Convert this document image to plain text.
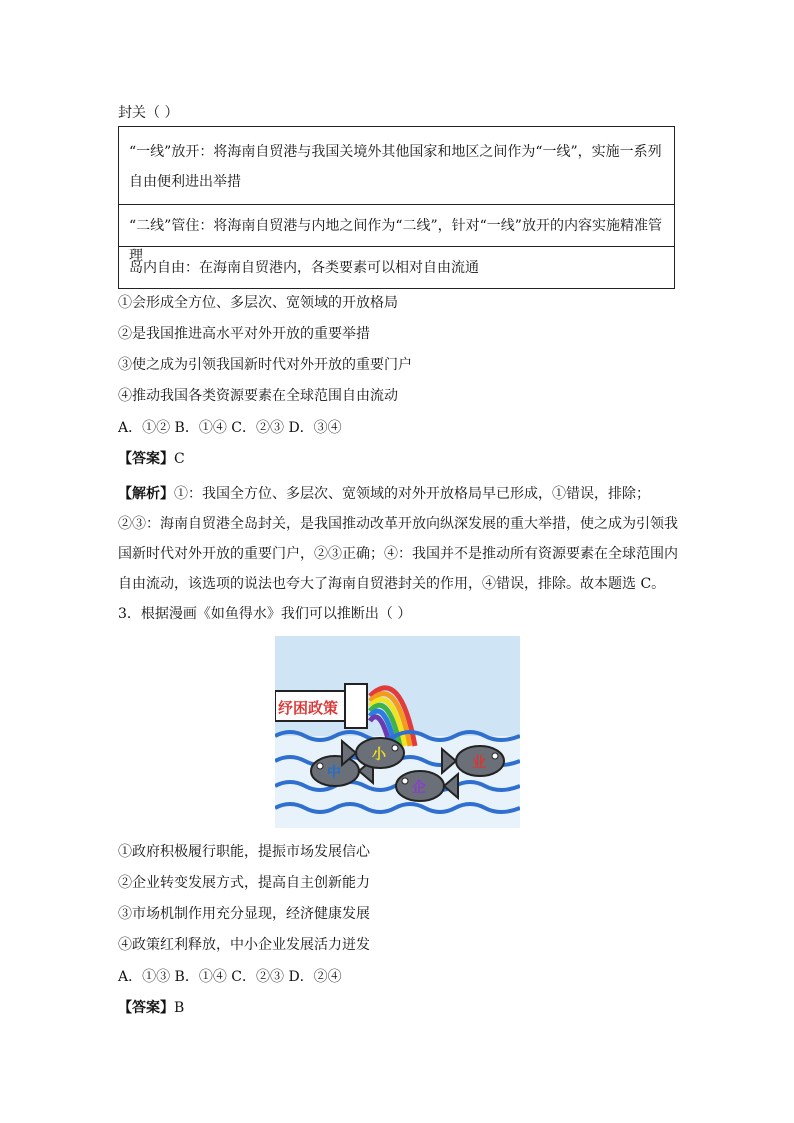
封关（ ）
“一线”放开：将海南自贸港与我国关境外其他国家和地区之间作为“一线”，实施一系列自由便利进出举措
“二线”管住：将海南自贸港与内地之间作为“二线”，针对“一线”放开的内容实施精准管理
岛内自由：在海南自贸港内，各类要素可以相对自由流通
①会形成全方位、多层次、宽领域的开放格局
②是我国推进高水平对外开放的重要举措
③使之成为引领我国新时代对外开放的重要门户
④推动我国各类资源要素在全球范围自由流动
A．①② B．①④ C．②③ D．③④
【答案】C
【解析】①：我国全方位、多层次、宽领域的对外开放格局早已形成，①错误，排除；②③：海南自贸港全岛封关，是我国推动改革开放向纵深发展的重大举措，使之成为引领我国新时代对外开放的重要门户，②③正确；④：我国并不是推动所有资源要素在全球范围内自由流动，该选项的说法也夸大了海南自贸港封关的作用，④错误，排除。故本题选 C。
3．根据漫画《如鱼得水》我们可以推断出（ ）
纾困政策
中
小
企
业
①政府积极履行职能，提振市场发展信心
②企业转变发展方式，提高自主创新能力
③市场机制作用充分显现，经济健康发展
④政策红利释放，中小企业发展活力迸发
A．①③ B．①④ C．②③ D．②④
【答案】B
